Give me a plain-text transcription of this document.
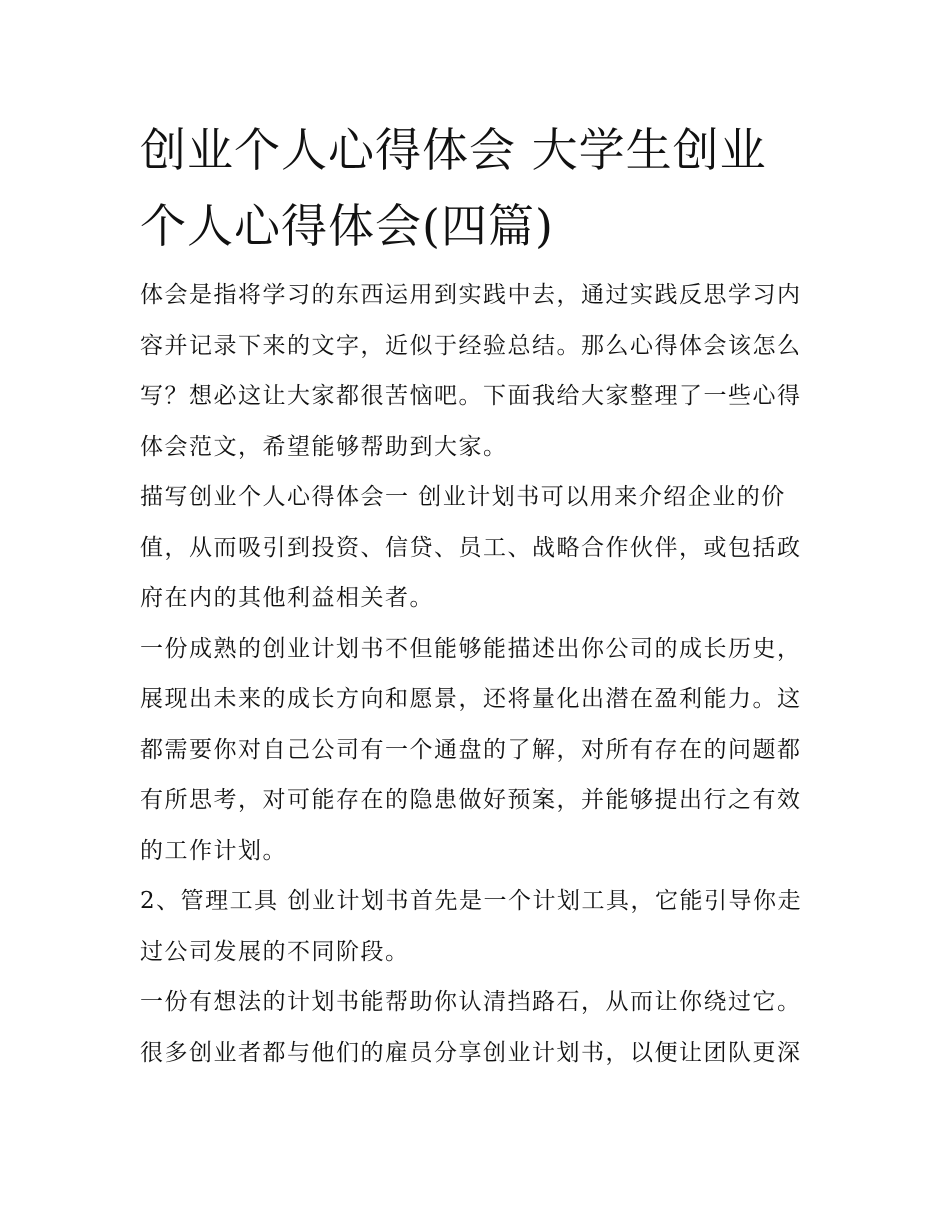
创业个人心得体会 大学生创业
个人心得体会(四篇)

体会是指将学习的东西运用到实践中去，通过实践反思学习内容并记录下来的文字，近似于经验总结。那么心得体会该怎么写？想必这让大家都很苦恼吧。下面我给大家整理了一些心得体会范文，希望能够帮助到大家。

描写创业个人心得体会一 创业计划书可以用来介绍企业的价值，从而吸引到投资、信贷、员工、战略合作伙伴，或包括政府在内的其他利益相关者。

一份成熟的创业计划书不但能够能描述出你公司的成长历史，展现出未来的成长方向和愿景，还将量化出潜在盈利能力。这都需要你对自己公司有一个通盘的了解，对所有存在的问题都有所思考，对可能存在的隐患做好预案，并能够提出行之有效的工作计划。

2、管理工具 创业计划书首先是一个计划工具，它能引导你走过公司发展的不同阶段。

一份有想法的计划书能帮助你认清挡路石，从而让你绕过它。很多创业者都与他们的雇员分享创业计划书，以便让团队更深
